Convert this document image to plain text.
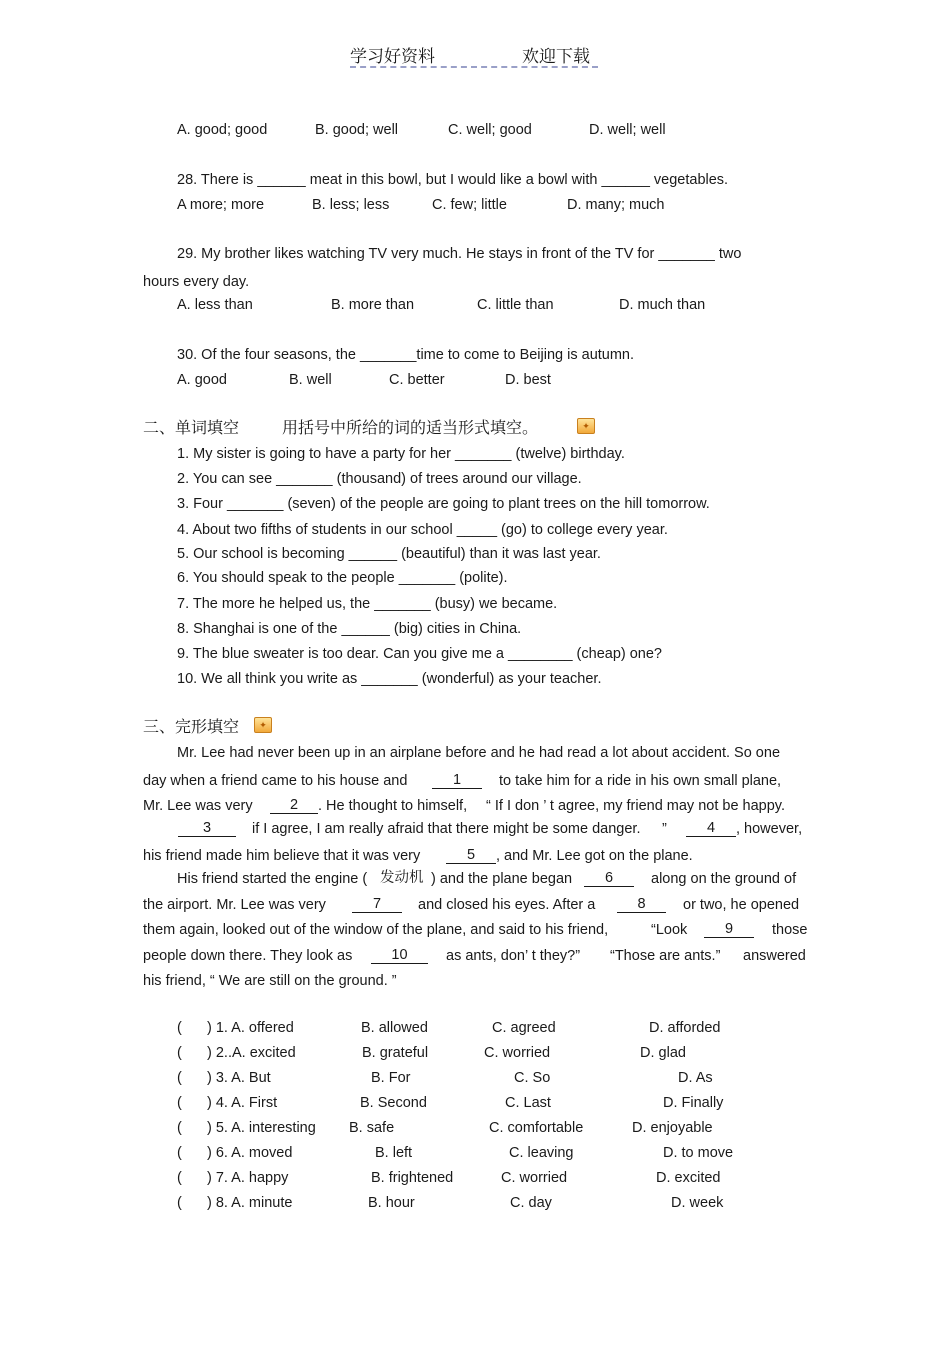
学习好资料	欢迎下载
A. good; good	B. good; well	C. well; good	D. well; well
28. There is ______ meat in this bowl, but I would like a bowl with ______ vegetables.
A more; more	B. less; less	C. few; little	D. many; much
29. My brother likes watching TV very much. He stays in front of the TV for _______ two
hours every day.
A. less than	B. more than	C. little than	D. much than
30. Of the four seasons, the _______time to come to Beijing is autumn.
A. good	B. well	C. better	D. best
二、单词填空	用括号中所给的词的适当形式填空。	✦
1. My sister is going to have a party for her _______ (twelve) birthday.
2. You can see _______ (thousand) of trees around our village.
3. Four _______ (seven) of the people are going to plant trees on the hill tomorrow.
4. About two fifths of students in our school _____ (go) to college every year.
5. Our school is becoming ______ (beautiful) than it was last year.
6. You should speak to the people _______ (polite).
7. The more he helped us, the _______ (busy) we became.
8. Shanghai is one of the ______ (big) cities in China.
9. The blue sweater is too dear. Can you give me a ________ (cheap) one?
10. We all think you write as _______ (wonderful) as your teacher.
三、完形填空	✦
Mr. Lee had never been up in an airplane before and he had read a lot about accident. So one
day when a friend came to his house and	1	to take him for a ride in his own small plane,
Mr. Lee was very	2	. He thought to himself, “ If I don ’ t agree, my friend may not be happy.
3	if I agree, I am really afraid that there might be some danger. ”	4	, however,
his friend made him believe that it was very	5	, and Mr. Lee got on the plane.
His friend started the engine ( 发动机 ) and the plane began	6	along on the ground of
the airport. Mr. Lee was very	7	and closed his eyes. After a	8	or two, he opened
them again, looked out of the window of the plane, and said to his friend,	“Look	9	those
people down there. They look as	10	as ants, don’ t they?” “Those are ants.” answered
his friend, “ We are still on the ground. ”
( ) 1. A. offered	B. allowed	C. agreed	D. afforded
( ) 2..A. excited	B. grateful	C. worried	D. glad
( ) 3. A. But	B. For	C. So	D. As
( ) 4. A. First	B. Second	C. Last	D. Finally
( ) 5. A. interesting B. safe	C. comfortable	D. enjoyable
( ) 6. A. moved	B. left	C. leaving	D. to move
( ) 7. A. happy	B. frightened	C. worried	D. excited
( ) 8. A. minute	B. hour	C. day	D. week
